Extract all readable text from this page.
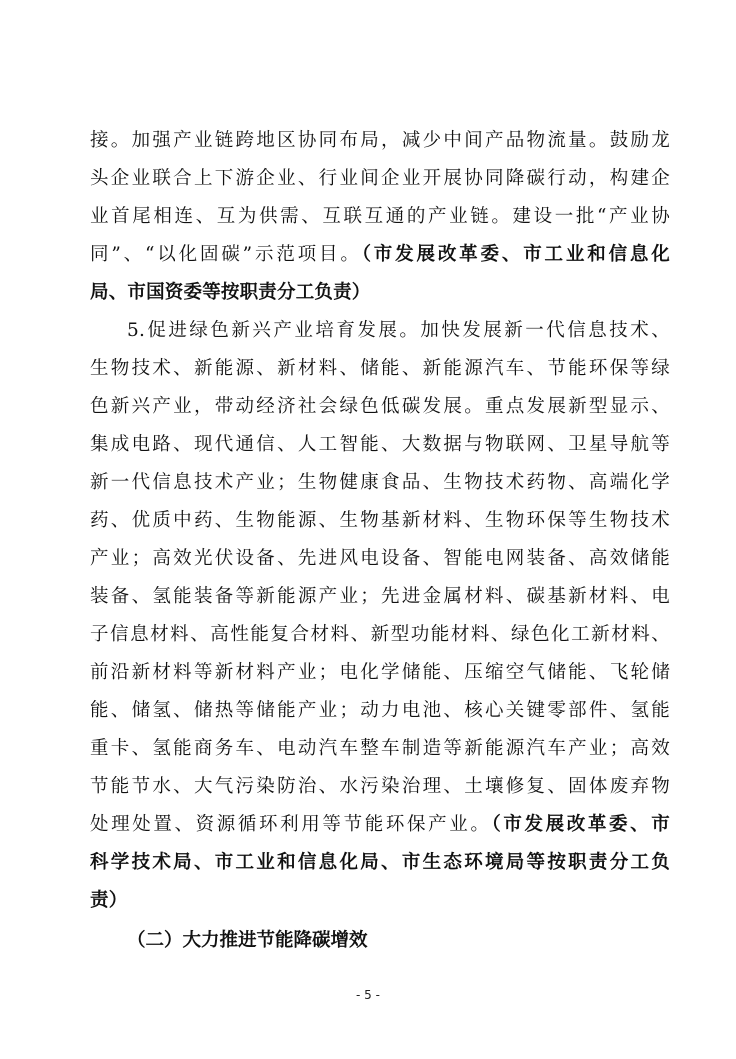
接。加强产业链跨地区协同布局，减少中间产品物流量。鼓励龙
头企业联合上下游企业、行业间企业开展协同降碳行动，构建企
业首尾相连、互为供需、互联互通的产业链。建设一批“产业协
同”、“以化固碳”示范项目。（市发展改革委、市工业和信息化
局、市国资委等按职责分工负责）
5.促进绿色新兴产业培育发展。加快发展新一代信息技术、
生物技术、新能源、新材料、储能、新能源汽车、节能环保等绿
色新兴产业，带动经济社会绿色低碳发展。重点发展新型显示、
集成电路、现代通信、人工智能、大数据与物联网、卫星导航等
新一代信息技术产业；生物健康食品、生物技术药物、高端化学
药、优质中药、生物能源、生物基新材料、生物环保等生物技术
产业；高效光伏设备、先进风电设备、智能电网装备、高效储能
装备、氢能装备等新能源产业；先进金属材料、碳基新材料、电
子信息材料、高性能复合材料、新型功能材料、绿色化工新材料、
前沿新材料等新材料产业；电化学储能、压缩空气储能、飞轮储
能、储氢、储热等储能产业；动力电池、核心关键零部件、氢能
重卡、氢能商务车、电动汽车整车制造等新能源汽车产业；高效
节能节水、大气污染防治、水污染治理、土壤修复、固体废弃物
处理处置、资源循环利用等节能环保产业。（市发展改革委、市
科学技术局、市工业和信息化局、市生态环境局等按职责分工负
责）
（二）大力推进节能降碳增效
- 5 -
